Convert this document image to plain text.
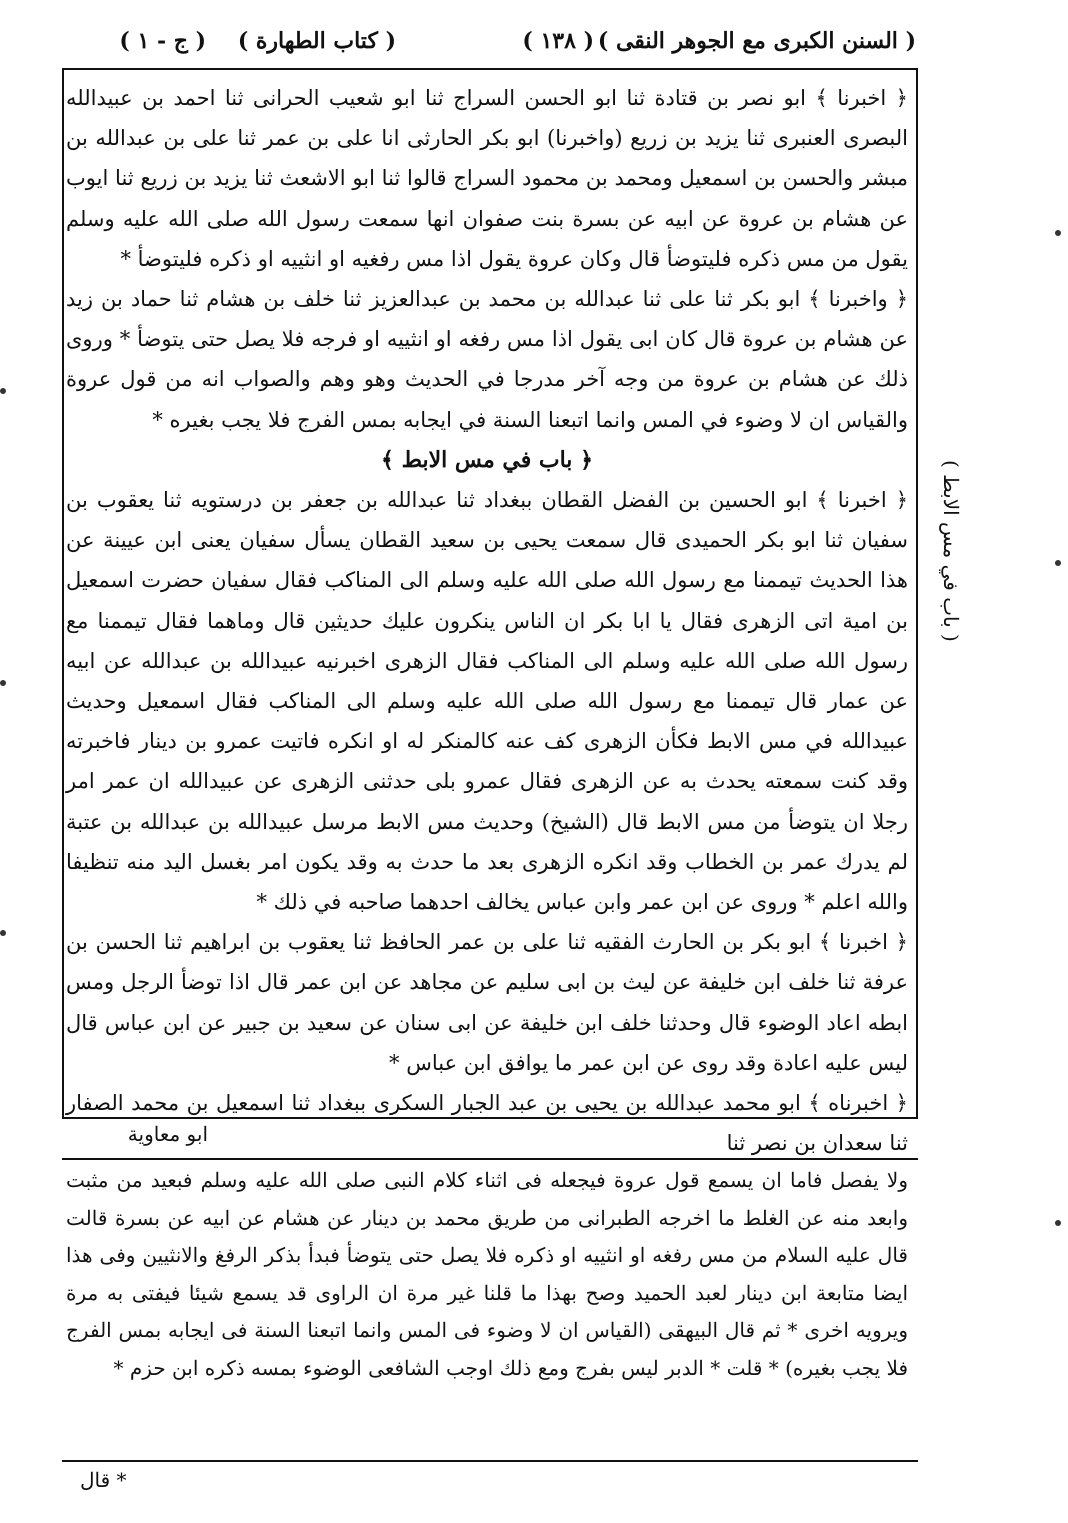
( السنن الكبرى مع الجوهر النقى )
( ١٣٨ )
( كتاب الطهارة )
( ج - ١ )

﴿ اخبرنا ﴾ ابو نصر بن قتادة ثنا ابو الحسن السراج ثنا ابو شعيب الحرانى ثنا احمد بن عبيدالله البصرى العنبرى ثنا يزيد بن زريع (واخبرنا) ابو بكر الحارثى انا على بن عمر ثنا على بن عبدالله بن مبشر والحسن بن اسمعيل ومحمد بن محمود السراج قالوا ثنا ابو الاشعث ثنا يزيد بن زريع ثنا ايوب عن هشام بن عروة عن ابيه عن بسرة بنت صفوان انها سمعت رسول الله صلى الله عليه وسلم يقول من مس ذكره فليتوضأ قال وكان عروة يقول اذا مس رفغيه او انثييه او ذكره فليتوضأ *

﴿ واخبرنا ﴾ ابو بكر ثنا على ثنا عبدالله بن محمد بن عبدالعزيز ثنا خلف بن هشام ثنا حماد بن زيد عن هشام بن عروة قال كان ابى يقول اذا مس رفغه او انثييه او فرجه فلا يصل حتى يتوضأ * وروى ذلك عن هشام بن عروة من وجه آخر مدرجا في الحديث وهو وهم والصواب انه من قول عروة والقياس ان لا وضوء في المس وانما اتبعنا السنة في ايجابه بمس الفرج فلا يجب بغيره *

﴿ باب في مس الابط ﴾

﴿ اخبرنا ﴾ ابو الحسين بن الفضل القطان ببغداد ثنا عبدالله بن جعفر بن درستويه ثنا يعقوب بن سفيان ثنا ابو بكر الحميدى قال سمعت يحيى بن سعيد القطان يسأل سفيان يعنى ابن عيينة عن هذا الحديث تيممنا مع رسول الله صلى الله عليه وسلم الى المناكب فقال سفيان حضرت اسمعيل بن امية اتى الزهرى فقال يا ابا بكر ان الناس ينكرون عليك حديثين قال وماهما فقال تيممنا مع رسول الله صلى الله عليه وسلم الى المناكب فقال الزهرى اخبرنيه عبيدالله بن عبدالله عن ابيه عن عمار قال تيممنا مع رسول الله صلى الله عليه وسلم الى المناكب فقال اسمعيل وحديث عبيدالله في مس الابط فكأن الزهرى كف عنه كالمنكر له او انكره فاتيت عمرو بن دينار فاخبرته وقد كنت سمعته يحدث به عن الزهرى فقال عمرو بلى حدثنى الزهرى عن عبيدالله ان عمر امر رجلا ان يتوضأ من مس الابط قال (الشيخ) وحديث مس الابط مرسل عبيدالله بن عبدالله بن عتبة لم يدرك عمر بن الخطاب وقد انكره الزهرى بعد ما حدث به وقد يكون امر بغسل اليد منه تنظيفا والله اعلم * وروى عن ابن عمر وابن عباس يخالف احدهما صاحبه في ذلك *

﴿ اخبرنا ﴾ ابو بكر بن الحارث الفقيه ثنا على بن عمر الحافظ ثنا يعقوب بن ابراهيم ثنا الحسن بن عرفة ثنا خلف ابن خليفة عن ليث بن ابى سليم عن مجاهد عن ابن عمر قال اذا توضأ الرجل ومس ابطه اعاد الوضوء قال وحدثنا خلف ابن خليفة عن ابى سنان عن سعيد بن جبير عن ابن عباس قال ليس عليه اعادة وقد روى عن ابن عمر ما يوافق ابن عباس *

﴿ اخبرناه ﴾ ابو محمد عبدالله بن يحيى بن عبد الجبار السكرى ببغداد ثنا اسمعيل بن محمد الصفار ثنا سعدان بن نصر ثنا

ابو معاوية

ولا يفصل فاما ان يسمع قول عروة فيجعله فى اثناء كلام النبى صلى الله عليه وسلم فبعيد من مثبت وابعد منه عن الغلط ما اخرجه الطبرانى من طريق محمد بن دينار عن هشام عن ابيه عن بسرة قالت قال عليه السلام من مس رفغه او انثييه او ذكره فلا يصل حتى يتوضأ فبدأ بذكر الرفغ والانثيين وفى هذا ايضا متابعة ابن دينار لعبد الحميد وصح بهذا ما قلنا غير مرة ان الراوى قد يسمع شيئا فيفتى به مرة ويرويه اخرى * ثم قال البيهقى (القياس ان لا وضوء فى المس وانما اتبعنا السنة فى ايجابه بمس الفرج فلا يجب بغيره) * قلت * الدبر ليس بفرج ومع ذلك اوجب الشافعى الوضوء بمسه ذكره ابن حزم *

* قال
( باب في مس الابط )
